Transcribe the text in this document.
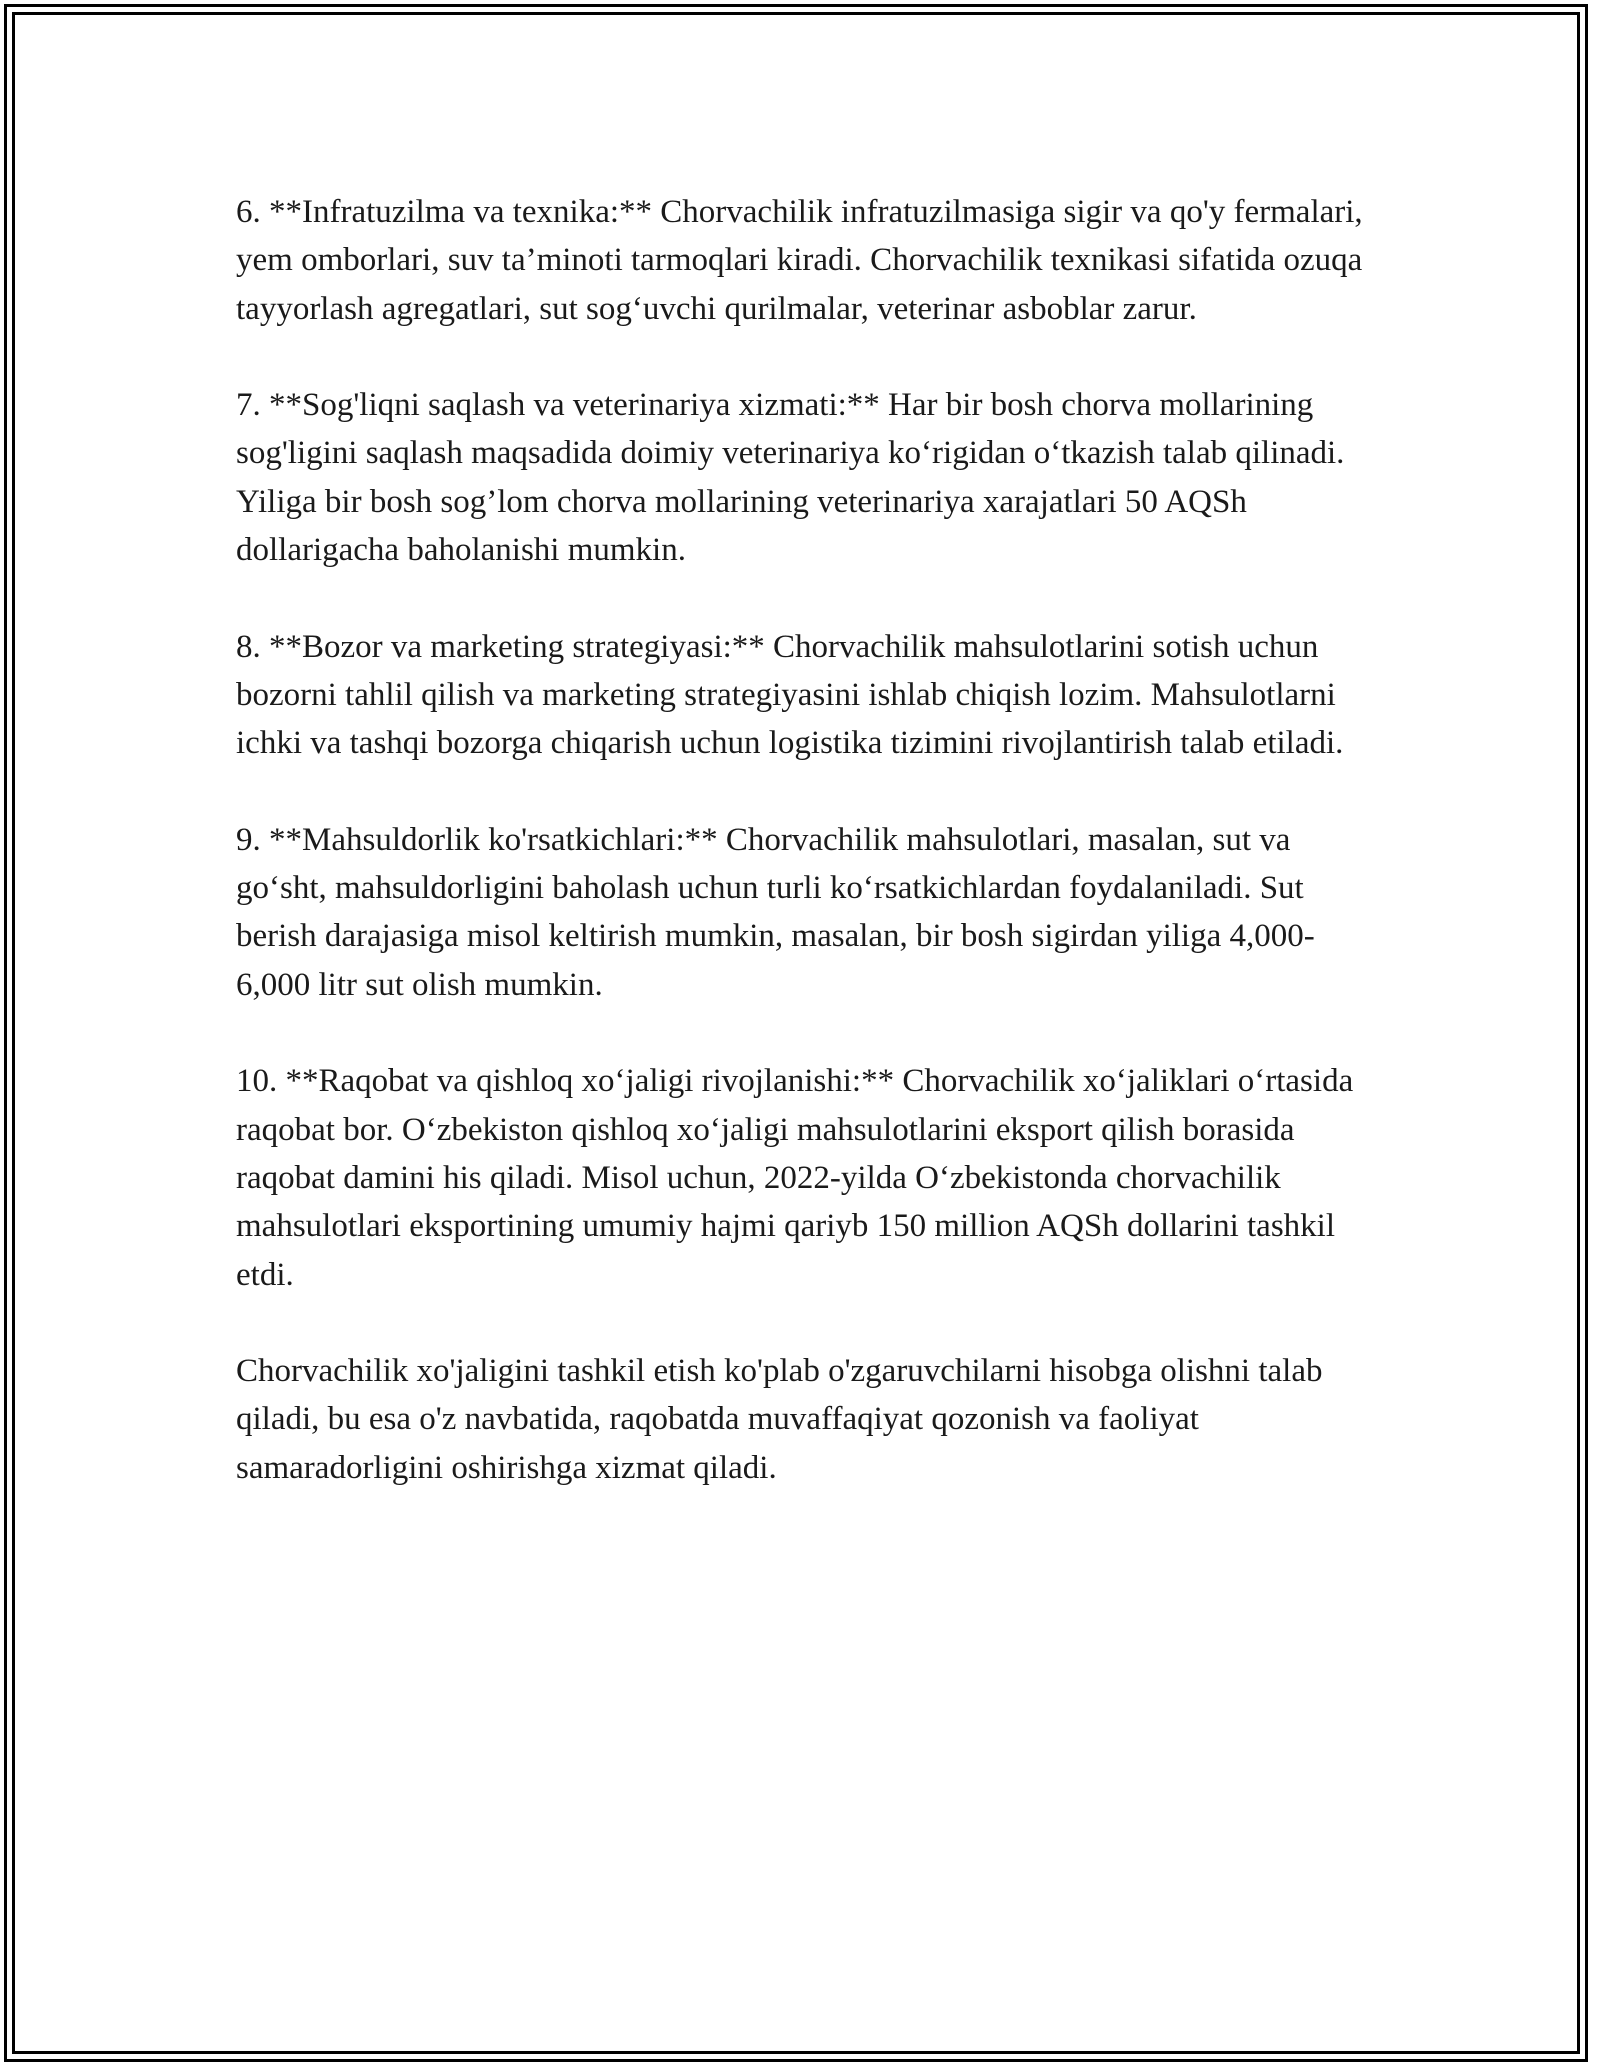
6. **Infratuzilma va texnika:** Chorvachilik infratuzilmasiga sigir va qo'y fermalari, yem omborlari, suv ta’minoti tarmoqlari kiradi. Chorvachilik texnikasi sifatida ozuqa tayyorlash agregatlari, sut sog‘uvchi qurilmalar, veterinar asboblar zarur.

7. **Sog'liqni saqlash va veterinariya xizmati:** Har bir bosh chorva mollarining sog'ligini saqlash maqsadida doimiy veterinariya ko‘rigidan o‘tkazish talab qilinadi. Yiliga bir bosh sog’lom chorva mollarining veterinariya xarajatlari 50 AQSh dollarigacha baholanishi mumkin.

8. **Bozor va marketing strategiyasi:** Chorvachilik mahsulotlarini sotish uchun bozorni tahlil qilish va marketing strategiyasini ishlab chiqish lozim. Mahsulotlarni ichki va tashqi bozorga chiqarish uchun logistika tizimini rivojlantirish talab etiladi.

9. **Mahsuldorlik ko'rsatkichlari:** Chorvachilik mahsulotlari, masalan, sut va go‘sht, mahsuldorligini baholash uchun turli ko‘rsatkichlardan foydalaniladi. Sut berish darajasiga misol keltirish mumkin, masalan, bir bosh sigirdan yiliga 4,000-6,000 litr sut olish mumkin.

10. **Raqobat va qishloq xo‘jaligi rivojlanishi:** Chorvachilik xo‘jaliklari o‘rtasida raqobat bor. O‘zbekiston qishloq xo‘jaligi mahsulotlarini eksport qilish borasida raqobat damini his qiladi. Misol uchun, 2022-yilda O‘zbekistonda chorvachilik mahsulotlari eksportining umumiy hajmi qariyb 150 million AQSh dollarini tashkil etdi.

Chorvachilik xo'jaligini tashkil etish ko'plab o'zgaruvchilarni hisobga olishni talab qiladi, bu esa o'z navbatida, raqobatda muvaffaqiyat qozonish va faoliyat samaradorligini oshirishga xizmat qiladi.
